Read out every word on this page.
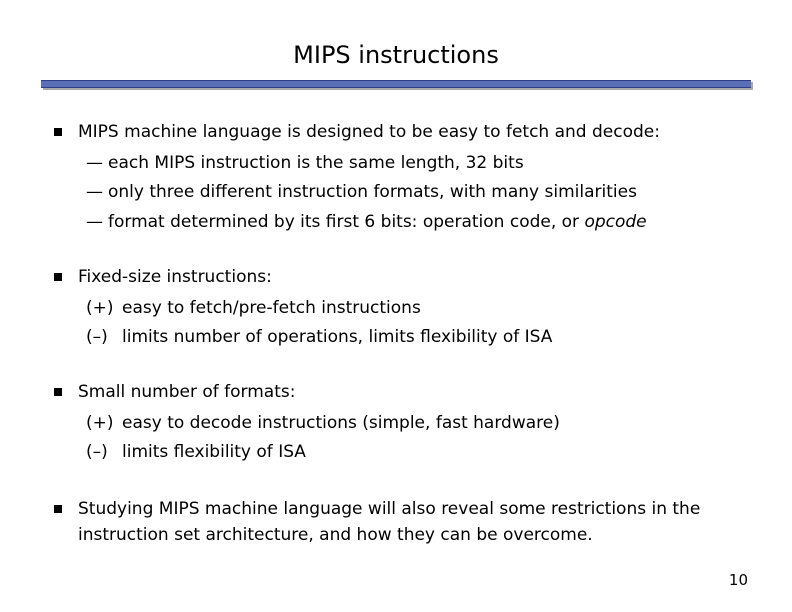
MIPS instructions
MIPS machine language is designed to be easy to fetch and decode:
— each MIPS instruction is the same length, 32 bits
— only three different instruction formats, with many similarities
— format determined by its first 6 bits: operation code, or opcode
Fixed-size instructions:
(+) easy to fetch/pre-fetch instructions
(–) limits number of operations, limits flexibility of ISA
Small number of formats:
(+) easy to decode instructions (simple, fast hardware)
(–) limits flexibility of ISA
Studying MIPS machine language will also reveal some restrictions in the
instruction set architecture, and how they can be overcome.
10
